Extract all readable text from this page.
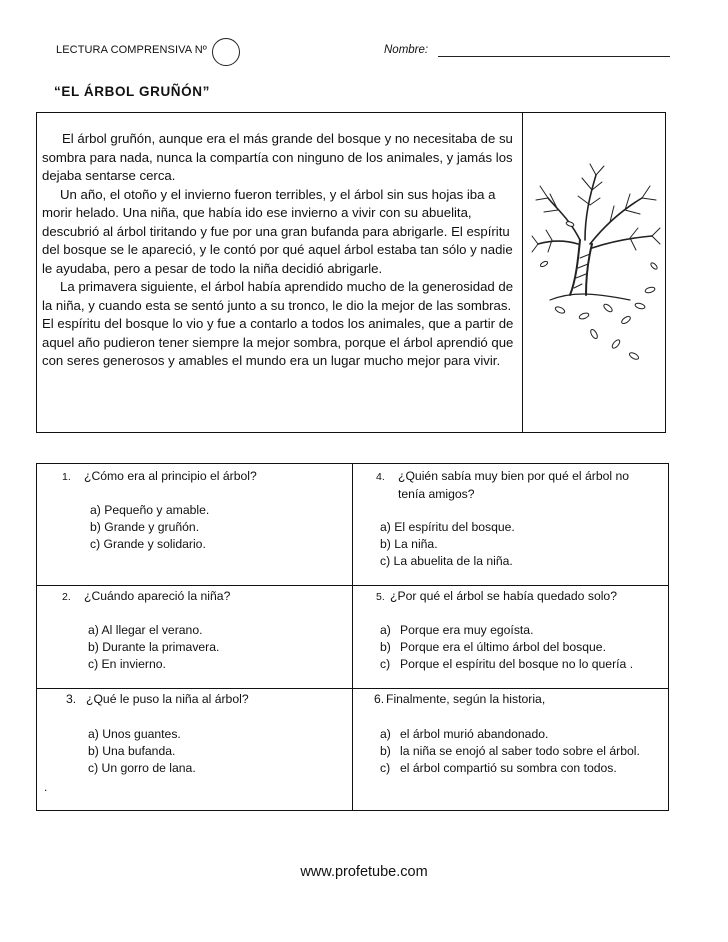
LECTURA COMPRENSIVA Nº	Nombre:
“EL ÁRBOL GRUÑÓN”

El árbol gruñón, aunque era el más grande del bosque y no necesitaba de su sombra para nada, nunca la compartía con ninguno de los animales, y jamás los dejaba sentarse cerca.

Un año, el otoño y el invierno fueron terribles, y el árbol sin sus hojas iba a morir helado. Una niña, que había ido ese invierno a vivir con su abuelita, descubrió al árbol tiritando y fue por una gran bufanda para abrigarle. El espíritu del bosque se le apareció, y le contó por qué aquel árbol estaba tan sólo y nadie le ayudaba, pero a pesar de todo la niña decidió abrigarle.

La primavera siguiente, el árbol había aprendido mucho de la generosidad de la niña, y cuando esta se sentó junto a su tronco, le dio la mejor de las sombras. El espíritu del bosque lo vio y fue a contarlo a todos los animales, que a partir de aquel año pudieron tener siempre la mejor sombra, porque el árbol aprendió que con seres generosos y amables el mundo era un lugar mucho mejor para vivir.

1. ¿Cómo era al principio el árbol?
a) Pequeño y amable.
b) Grande y gruñón.
c) Grande y solidario.
4. ¿Quién sabía muy bien por qué el árbol no
tenía amigos?
a) El espíritu del bosque.
b) La niña.
c) La abuelita de la niña.
2. ¿Cuándo apareció la niña?
a) Al llegar el verano.
b) Durante la primavera.
c) En invierno.
5. ¿Por qué el árbol se había quedado solo?
a) Porque era muy egoísta.
b) Porque era el último árbol del bosque.
c) Porque el espíritu del bosque no lo quería .
3. ¿Qué le puso la niña al árbol?
a) Unos guantes.
b) Una bufanda.
c) Un gorro de lana.
6. Finalmente, según la historia,
a) el árbol murió abandonado.
b) la niña se enojó al saber todo sobre el árbol.
c) el árbol compartió su sombra con todos.
.
www.profetube.com
